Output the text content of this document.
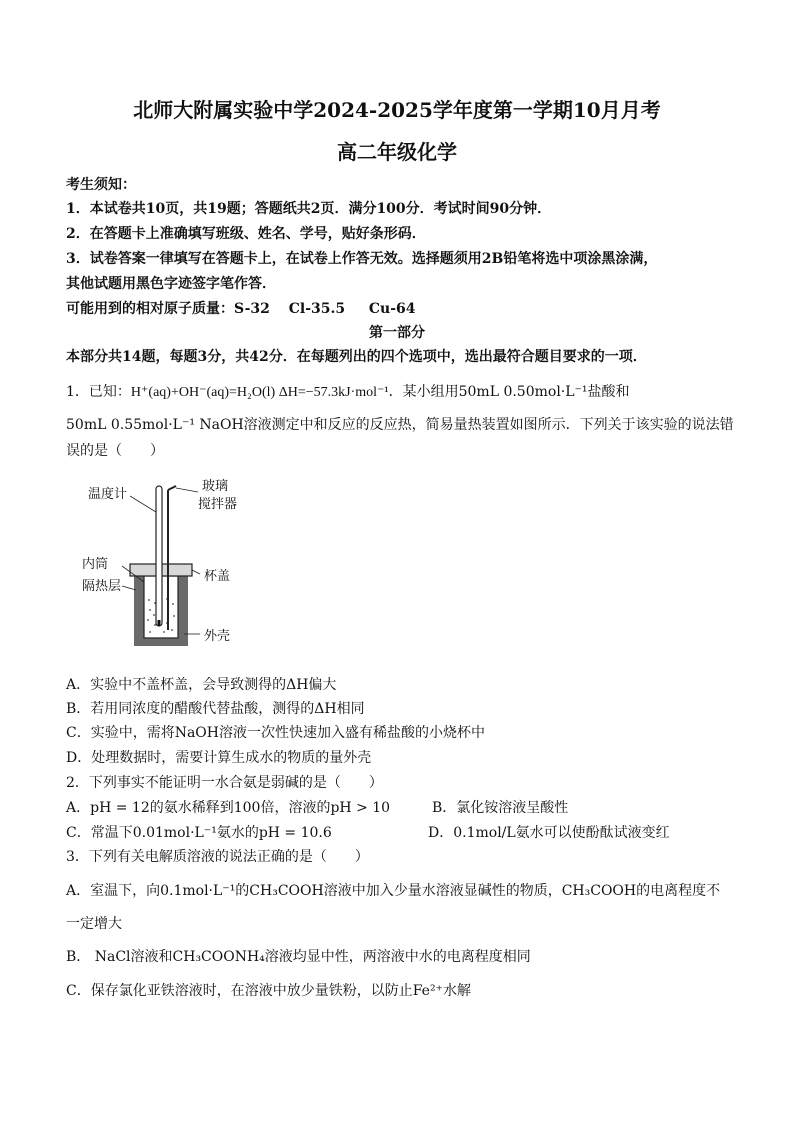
北师大附属实验中学2024-2025学年度第一学期10月月考
高二年级化学
考生须知：
1．本试卷共10页，共19题；答题纸共2页．满分100分．考试时间90分钟．
2．在答题卡上准确填写班级、姓名、学号，贴好条形码．
3．试卷答案一律填写在答题卡上，在试卷上作答无效。选择题须用2B铅笔将选中项涂黑涂满，
其他试题用黑色字迹签字笔作答．
可能用到的相对原子质量：S-32　 Cl-35.5 　 Cu-64
第一部分
本部分共14题，每题3分，共42分．在每题列出的四个选项中，选出最符合题目要求的一项．
1．已知：H⁺(aq)+OH⁻(aq)=H₂O(l) ΔH=−57.3kJ·mol⁻¹．某小组用50mL 0.50mol·L⁻¹盐酸和
50mL 0.55mol·L⁻¹ NaOH溶液测定中和反应的反应热，简易量热装置如图所示．下列关于该实验的说法错
误的是（　　）
温度计
玻璃
搅拌器
内筒
隔热层
杯盖
外壳
A．实验中不盖杯盖，会导致测得的ΔH偏大
B．若用同浓度的醋酸代替盐酸，测得的ΔH相同
C．实验中，需将NaOH溶液一次性快速加入盛有稀盐酸的小烧杯中
D．处理数据时，需要计算生成水的物质的量外壳
2．下列事实不能证明一水合氨是弱碱的是（　　）
A．pH = 12的氨水稀释到100倍，溶液的pH > 10	B．氯化铵溶液呈酸性
C．常温下0.01mol·L⁻¹氨水的pH = 10.6	D．0.1mol/L氨水可以使酚酞试液变红
3．下列有关电解质溶液的说法正确的是（　　）
A．室温下，向0.1mol·L⁻¹的CH₃COOH溶液中加入少量水溶液显碱性的物质，CH₃COOH的电离程度不
一定增大
B． NaCl溶液和CH₃COONH₄溶液均显中性，两溶液中水的电离程度相同
C．保存氯化亚铁溶液时，在溶液中放少量铁粉，以防止Fe²⁺水解
